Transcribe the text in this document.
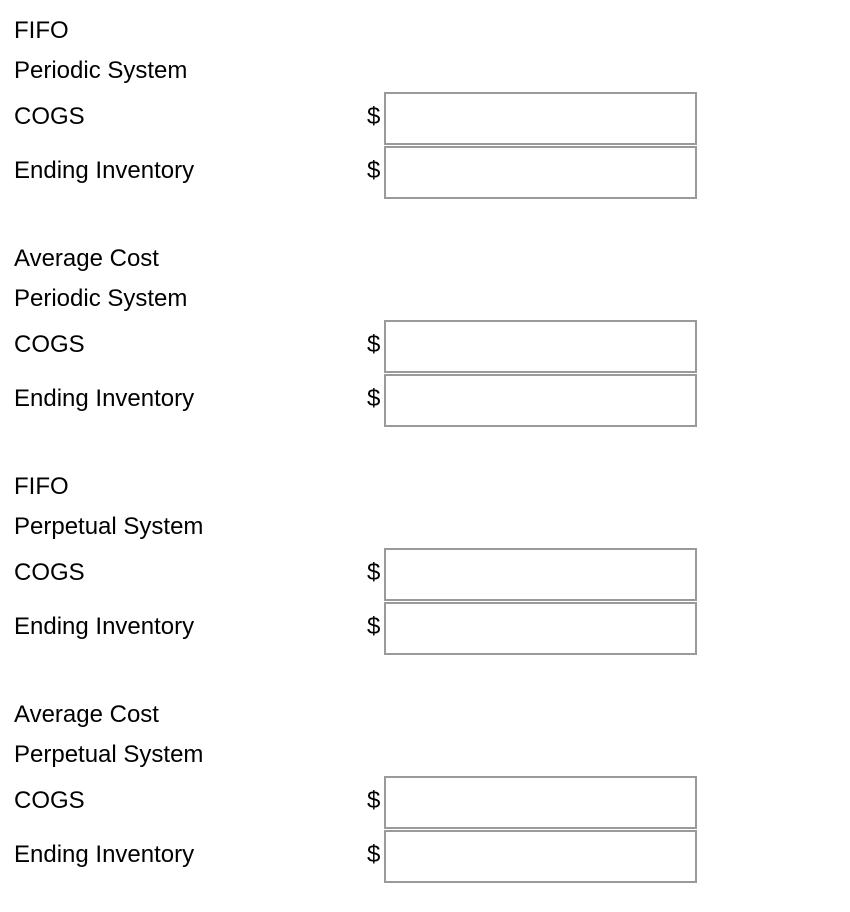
FIFO
Periodic System
COGS	$
Ending Inventory	$
Average Cost
Periodic System
COGS	$
Ending Inventory	$
FIFO
Perpetual System
COGS	$
Ending Inventory	$
Average Cost
Perpetual System
COGS	$
Ending Inventory	$
